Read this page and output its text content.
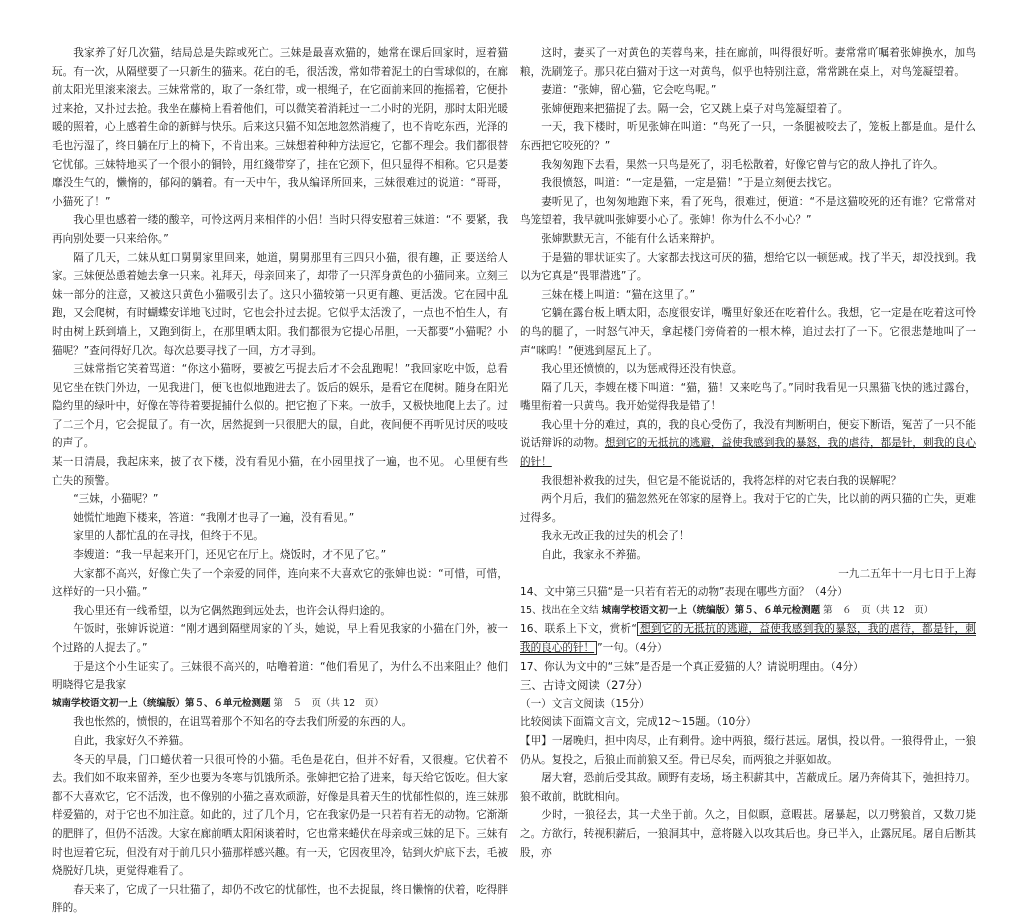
我家养了好几次猫，结局总是失踪或死亡。三妹是最喜欢猫的，她常在课后回家时，逗着猫玩。有一次，从隔壁要了一只新生的猫来。花白的毛，很活泼，常如带着泥土的白雪球似的，在廊前太阳光里滚来滚去。三妹常常的，取了一条红带，或一根绳子，在它面前来回的拖摇着，它便扑过来抢，又扑过去抢。我坐在藤椅上看着他们，可以微笑着消耗过一二小时的光阴，那时太阳光暖暖的照着，心上感着生命的新鲜与快乐。后来这只猫不知怎地忽然消瘦了，也不肯吃东西，光泽的毛也污湿了，终日躺在厅上的椅下，不肯出来。三妹想着种种方法逗它，它都不理会。我们都很替它忧郁。三妹特地买了一个很小的铜铃，用红綫带穿了，挂在它颈下，但只显得不相称。它只是萎靡没生气的，懒惰的，郁闷的躺着。有一天中午，我从编译所回来，三妹很难过的说道：“哥哥，小猫死了！”

我心里也感着一缕的酸辛，可怜这两月来相伴的小侣！当时只得安慰着三妹道：“不 要紧，我再向别处要一只来给你。”

隔了几天，二妹从虹口舅舅家里回来，她道，舅舅那里有三四只小猫，很有趣，正 要送给人家。三妹便怂恿着她去拿一只来。礼拜天，母亲回来了，却带了一只浑身黄色的小猫同来。立刻三妹一部分的注意，又被这只黄色小猫吸引去了。这只小猫较第一只更有趣、更活泼。它在园中乱跑，又会爬树，有时蝴蝶安详地飞过时，它也会扑过去捉。它似乎太活泼了，一点也不怕生人，有时由树上跃到墙上，又跑到街上，在那里晒太阳。我们都很为它提心吊胆，一天都要“小猫呢？小猫呢？”查问得好几次。每次总要寻找了一回，方才寻到。

三妹常指它笑着骂道：“你这小猫呀，要被乞丐捉去后才不会乱跑呢！”我回家吃中饭，总看 见它坐在铁门外边，一见我进门，便飞也似地跑进去了。饭后的娱乐，是看它在爬树。随身在阳光隐约里的绿叶中，好像在等待着要捉捕什么似的。把它抱了下来。一放手，又极快地爬上去了。过了二三个月，它会捉鼠了。有一次，居然捉到一只很肥大的鼠，自此，夜间便不再听见讨厌的吱吱的声了。

某一日清晨，我起床来，披了衣下楼，没有看见小猫，在小园里找了一遍，也不见。 心里便有些亡失的预警。

“三妹，小猫呢？”

她慌忙地跑下楼来，答道：“我刚才也寻了一遍，没有看见。”

家里的人都忙乱的在寻找，但终于不见。

李嫂道：“我一早起来开门，还见它在厅上。烧饭时，才不见了它。”

大家都不高兴，好像亡失了一个亲爱的同伴，连向来不大喜欢它的张婶也说：“可惜，可惜，这样好的一只小猫。”

我心里还有一线希望，以为它偶然跑到远处去，也许会认得归途的。

午饭时，张婶诉说道：“刚才遇到隔壁周家的丫头，她说，早上看见我家的小猫在门外，被一个过路的人捉去了。”

于是这个小生证实了。三妹很不高兴的，咕噜着道：“他们看见了，为什么不出来阻止？他们明晓得它是我家

城南学校语文初一上（统编版）第５、６单元检测题 第　５　页（共 12　页）

我也怅然的，愤恨的，在诅骂着那个不知名的夺去我们所爱的东西的人。

自此，我家好久不养猫。

冬天的早晨，门口蜷伏着一只很可怜的小猫。毛色是花白，但并不好看，又很瘦。它伏着不去。我们如不取来留养，至少也要为冬寒与饥饿所杀。张婶把它拾了进来，每天给它饭吃。但大家都不大喜欢它，它不活泼，也不像别的小猫之喜欢顽游，好像是具着天生的忧郁性似的，连三妹那样爱猫的，对于它也不加注意。如此的，过了几个月，它在我家仍是一只若有若无的动物。它渐渐的肥胖了，但仍不活泼。大家在廊前晒太阳闲谈着时，它也常来蜷伏在母亲或三妹的足下。三妹有时也逗着它玩，但没有对于前几只小猫那样感兴趣。有一天，它因夜里冷，钻到火炉底下去，毛被烧脱好几块，更觉得难看了。

春天来了，它成了一只壮猫了，却仍不改它的忧郁性，也不去捉鼠，终日懒惰的伏着，吃得胖胖的。

这时，妻买了一对黄色的芙蓉鸟来，挂在廊前，叫得很好听。妻常常吖嘱着张婶换水，加鸟粮，洗刷笼子。那只花白猫对于这一对黄鸟，似乎也特别注意，常常跳在桌上，对鸟笼凝望着。

妻道：“张婶，留心猫，它会吃鸟呢。”

张婶便跑来把猫捉了去。隔一会，它又跳上桌子对鸟笼凝望着了。

一天，我下楼时，听见张婶在叫道：“鸟死了一只，一条腿被咬去了，笼板上都是血。是什么东西把它咬死的？”

我匆匆跑下去看，果然一只鸟是死了，羽毛松散着，好像它曾与它的敌人挣扎了许久。

我很愤怒，叫道：“一定是猫，一定是猫！”于是立刻便去找它。

妻听见了，也匆匆地跑下来，看了死鸟，很难过，便道：“不是这猫咬死的还有谁？它常常对鸟笼望着，我早就叫张婶要小心了。张婶！你为什么不小心？”

张婶默默无言，不能有什么话来辩护。

于是猫的罪状证实了。大家都去找这可厌的猫，想给它以一顿惩戒。找了半天，却没找到。我以为它真是“畏罪潜逃”了。

三妹在楼上叫道：“猫在这里了。”

它躺在露台板上晒太阳，态度很安详，嘴里好象还在吃着什么。我想，它一定是在吃着这可怜的鸟的腿了，一时怒气冲天，拿起楼门旁倚着的一根木棒，追过去打了一下。它很悲楚地叫了一声“咪呜！”便逃到屋瓦上了。

我心里还愤愤的，以为惩戒得还没有快意。

隔了几天，李嫂在楼下叫道：“猫，猫！又来吃鸟了。”同时我看见一只黑猫飞快的逃过露台，嘴里衔着一只黄鸟。我开始觉得我是错了！

我心里十分的难过，真的，我的良心受伤了，我没有判断明白，便妄下断语，冤苦了一只不能说话辩诉的动物。想到它的无抵抗的逃避，益使我感到我的暴怒，我的虐待，都是针，刺我的良心的针！

我很想补救我的过失，但它是不能说话的，我将怎样的对它表白我的误解呢？

两个月后，我们的猫忽然死在邻家的屋脊上。我对于它的亡失，比以前的两只猫的亡失，更难过得多。

我永无改正我的过失的机会了！

自此，我家永不养猫。

一九二五年十一月七日于上海

14、文中第三只猫“是一只若有若无的动物”表现在哪些方面？（4分）

15、找出在全文结 城南学校语文初一上（统编版）第５、６单元检测题 第　６　页（共 12　页）

16、联系上下文，赏析“ 想到它的无抵抗的逃避，益使我感到我的暴怒，我的虐待，都是针，刺我的良心的针！ ”一句。（4分）

17、你认为文中的“三妹”是否是一个真正爱猫的人？请说明理由。（4分）

三、古诗文阅读（27分）

（一）文言文阅读（15分）

比较阅读下面篇文言文，完成12～15题。（10分）

【甲】一屠晚归，担中肉尽，止有剩骨。途中两狼，缀行甚远。屠惧，投以骨。一狼得骨止，一狼仍从。复投之，后狼止而前狼又至。骨已尽矣，而两狼之并驱如故。

屠大窘，恐前后受其敌。顾野有麦场，场主积薪其中，苫蔽成丘。屠乃奔倚其下，弛担持刀。狼不敢前，眈眈相向。

少时，一狼径去，其一犬坐于前。久之，目似瞑，意暇甚。屠暴起，以刀劈狼首，又数刀毙之。方欲行，转视积薪后，一狼洞其中，意将隧入以攻其后也。身已半入，止露尻尾。屠自后断其股，亦
